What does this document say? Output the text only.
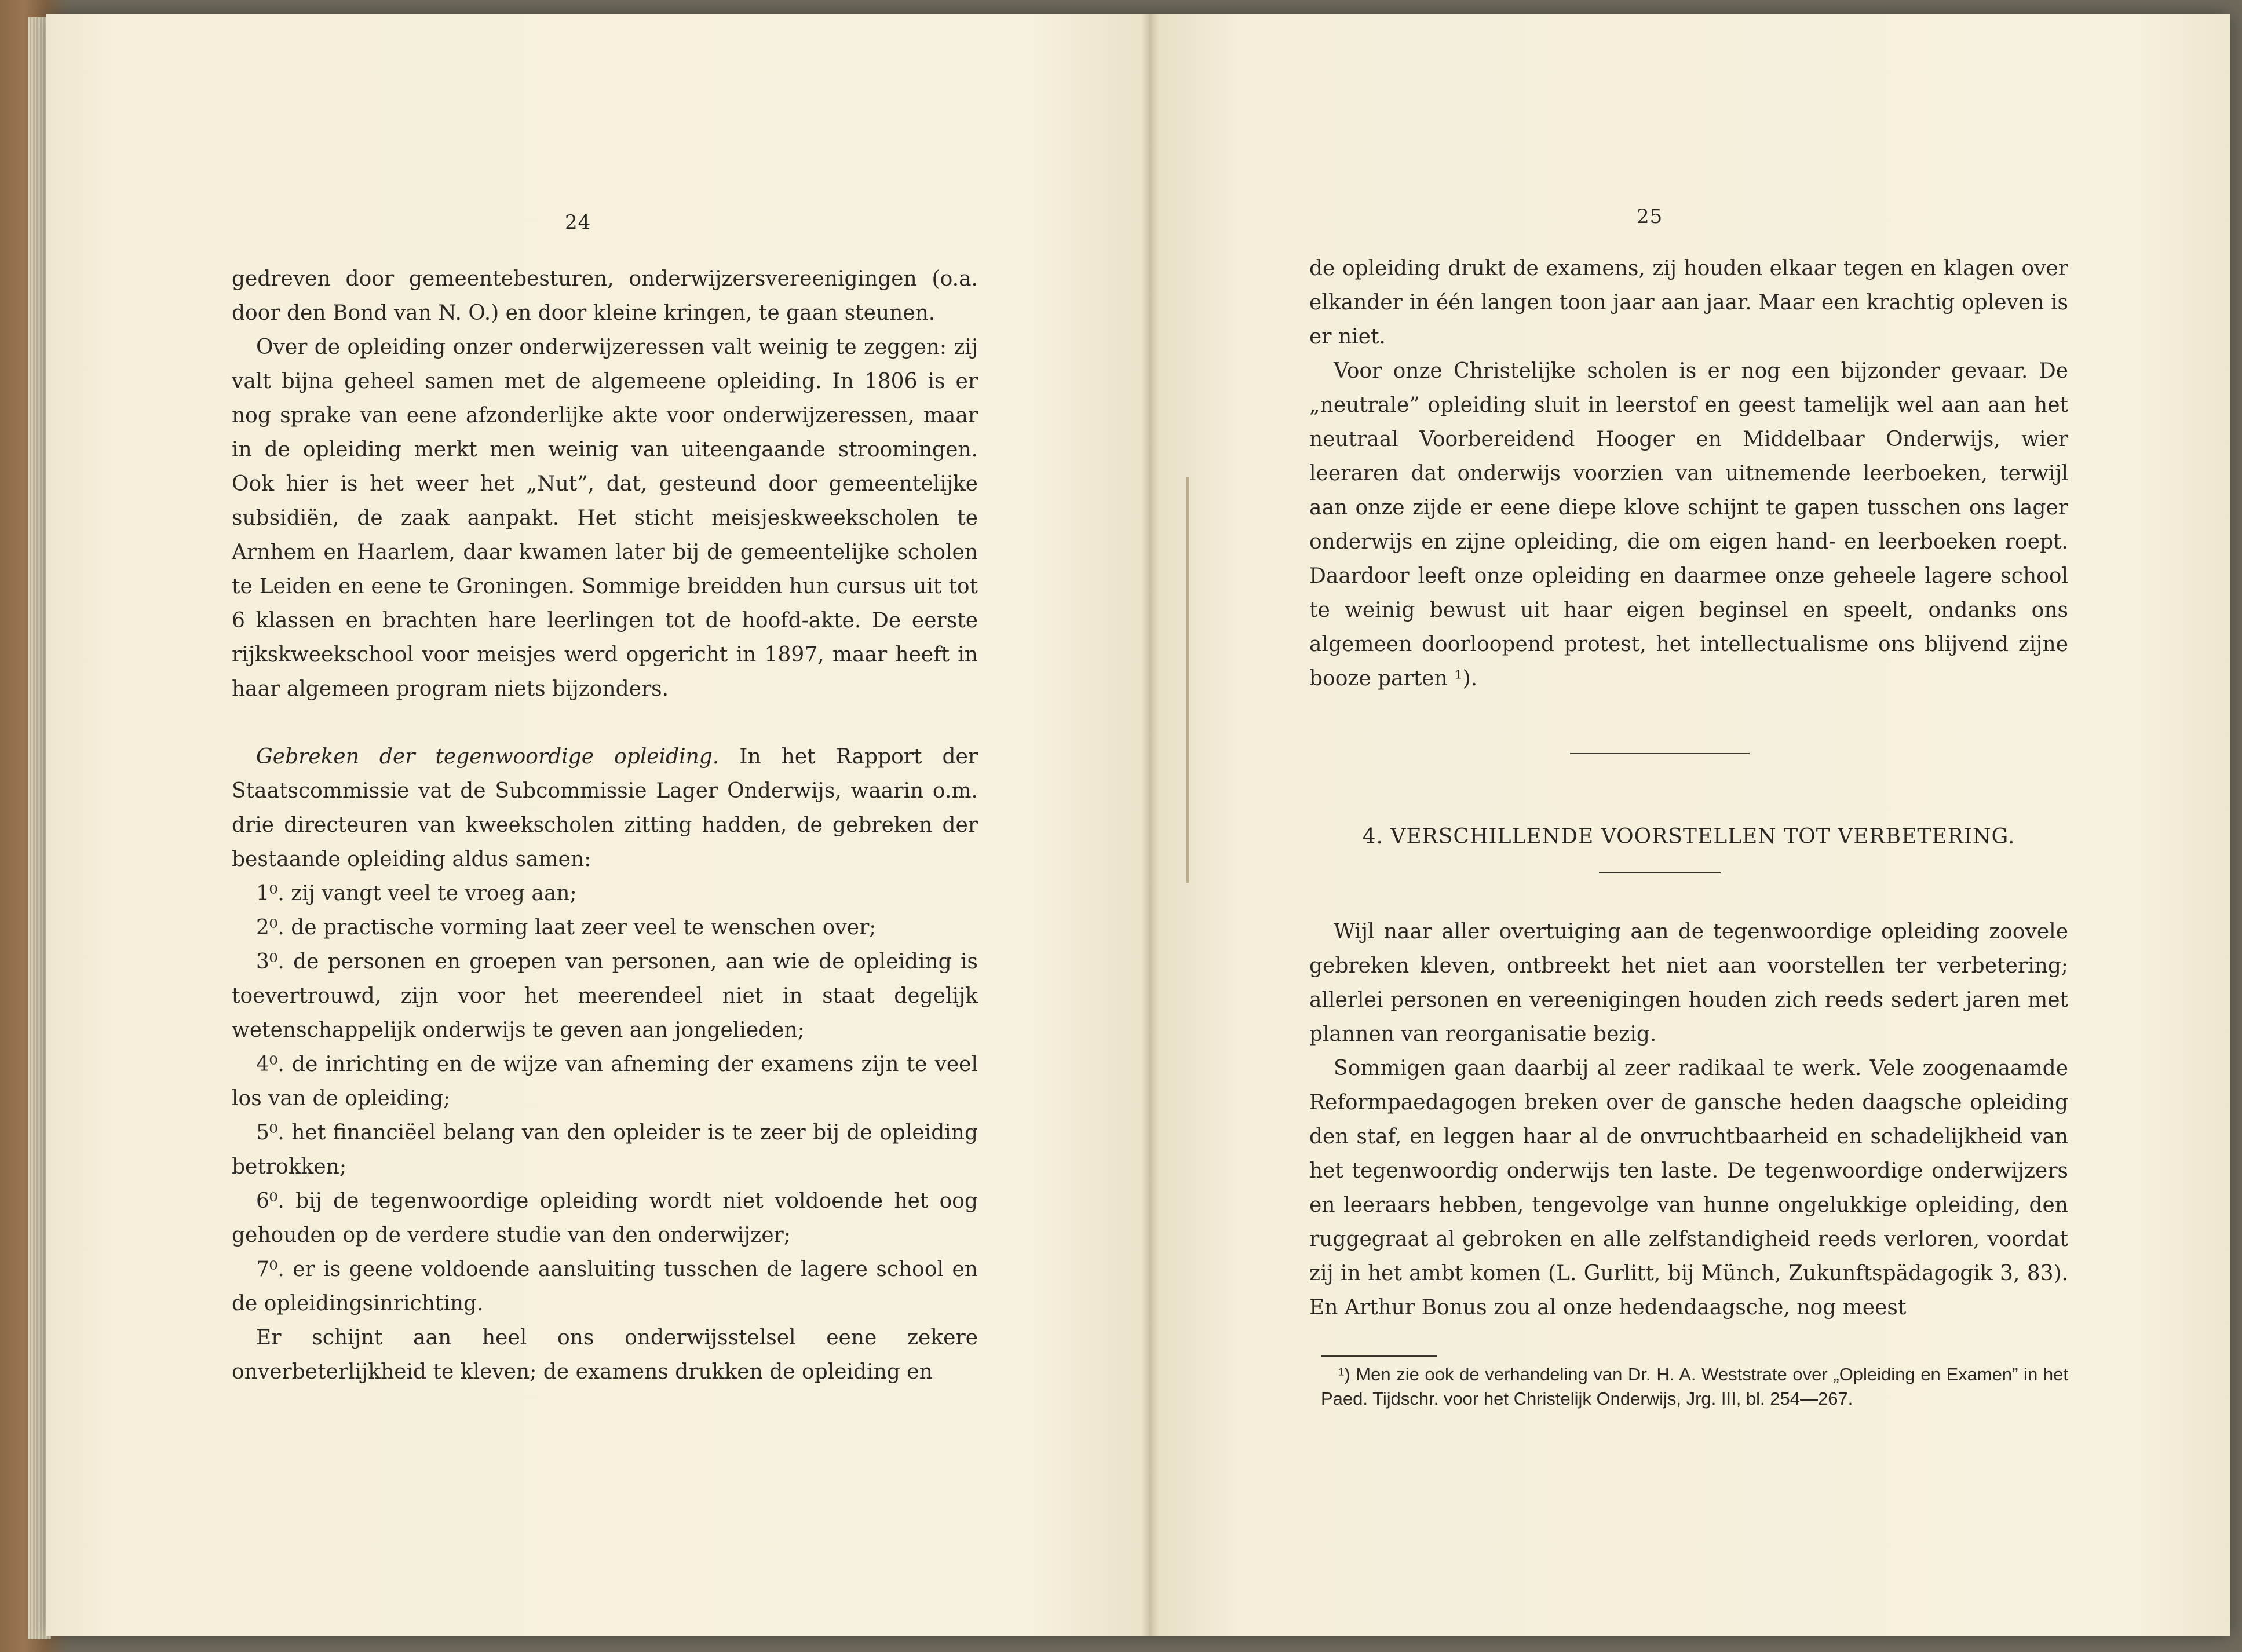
24

gedreven door gemeentebesturen, onderwijzersvereenigingen (o.a. door den Bond van N. O.) en door kleine kringen, te gaan steunen.

Over de opleiding onzer onderwijzeressen valt weinig te zeggen: zij valt bijna geheel samen met de algemeene opleiding. In 1806 is er nog sprake van eene afzonderlijke akte voor onderwijzeressen, maar in de opleiding merkt men weinig van uiteengaande stroomingen. Ook hier is het weer het „Nut”, dat, gesteund door gemeentelijke subsidiën, de zaak aanpakt. Het sticht meisjeskweekscholen te Arnhem en Haarlem, daar kwamen later bij de gemeentelijke scholen te Leiden en eene te Groningen. Sommige breidden hun cursus uit tot 6 klassen en brachten hare leerlingen tot de hoofd-akte. De eerste rijkskweekschool voor meisjes werd opgericht in 1897, maar heeft in haar algemeen program niets bijzonders.

Gebreken der tegenwoordige opleiding. In het Rapport der Staatscommissie vat de Subcommissie Lager Onderwijs, waarin o.m. drie directeuren van kweekscholen zitting hadden, de gebreken der bestaande opleiding aldus samen:

1⁰. zij vangt veel te vroeg aan;

2⁰. de practische vorming laat zeer veel te wenschen over;

3⁰. de personen en groepen van personen, aan wie de opleiding is toevertrouwd, zijn voor het meerendeel niet in staat degelijk wetenschappelijk onderwijs te geven aan jongelieden;

4⁰. de inrichting en de wijze van afneming der examens zijn te veel los van de opleiding;

5⁰. het financiëel belang van den opleider is te zeer bij de opleiding betrokken;

6⁰. bij de tegenwoordige opleiding wordt niet voldoende het oog gehouden op de verdere studie van den onderwijzer;

7⁰. er is geene voldoende aansluiting tusschen de lagere school en de opleidingsinrichting.

Er schijnt aan heel ons onderwijsstelsel eene zekere onverbeterlijkheid te kleven; de examens drukken de opleiding en

25

de opleiding drukt de examens, zij houden elkaar tegen en klagen over elkander in één langen toon jaar aan jaar. Maar een krachtig opleven is er niet.

Voor onze Christelijke scholen is er nog een bijzonder gevaar. De „neutrale” opleiding sluit in leerstof en geest tamelijk wel aan aan het neutraal Voorbereidend Hooger en Middelbaar Onderwijs, wier leeraren dat onderwijs voorzien van uitnemende leerboeken, terwijl aan onze zijde er eene diepe klove schijnt te gapen tusschen ons lager onderwijs en zijne opleiding, die om eigen hand- en leerboeken roept. Daardoor leeft onze opleiding en daarmee onze geheele lagere school te weinig bewust uit haar eigen beginsel en speelt, ondanks ons algemeen doorloopend protest, het intellectualisme ons blijvend zijne booze parten ¹).

4. VERSCHILLENDE VOORSTELLEN TOT VERBETERING.

Wijl naar aller overtuiging aan de tegenwoordige opleiding zoovele gebreken kleven, ontbreekt het niet aan voorstellen ter verbetering; allerlei personen en vereenigingen houden zich reeds sedert jaren met plannen van reorganisatie bezig.

Sommigen gaan daarbij al zeer radikaal te werk. Vele zoogenaamde Reformpaedagogen breken over de gansche heden daagsche opleiding den staf, en leggen haar al de onvruchtbaarheid en schadelijkheid van het tegenwoordig onderwijs ten laste. De tegenwoordige onderwijzers en leeraars hebben, tengevolge van hunne ongelukkige opleiding, den ruggegraat al gebroken en alle zelfstandigheid reeds verloren, voordat zij in het ambt komen (L. Gurlitt, bij Münch, Zukunftspädagogik 3, 83). En Arthur Bonus zou al onze hedendaagsche, nog meest

¹) Men zie ook de verhandeling van Dr. H. A. Weststrate over „Opleiding en Examen” in het Paed. Tijdschr. voor het Christelijk Onderwijs, Jrg. III, bl. 254—267.
